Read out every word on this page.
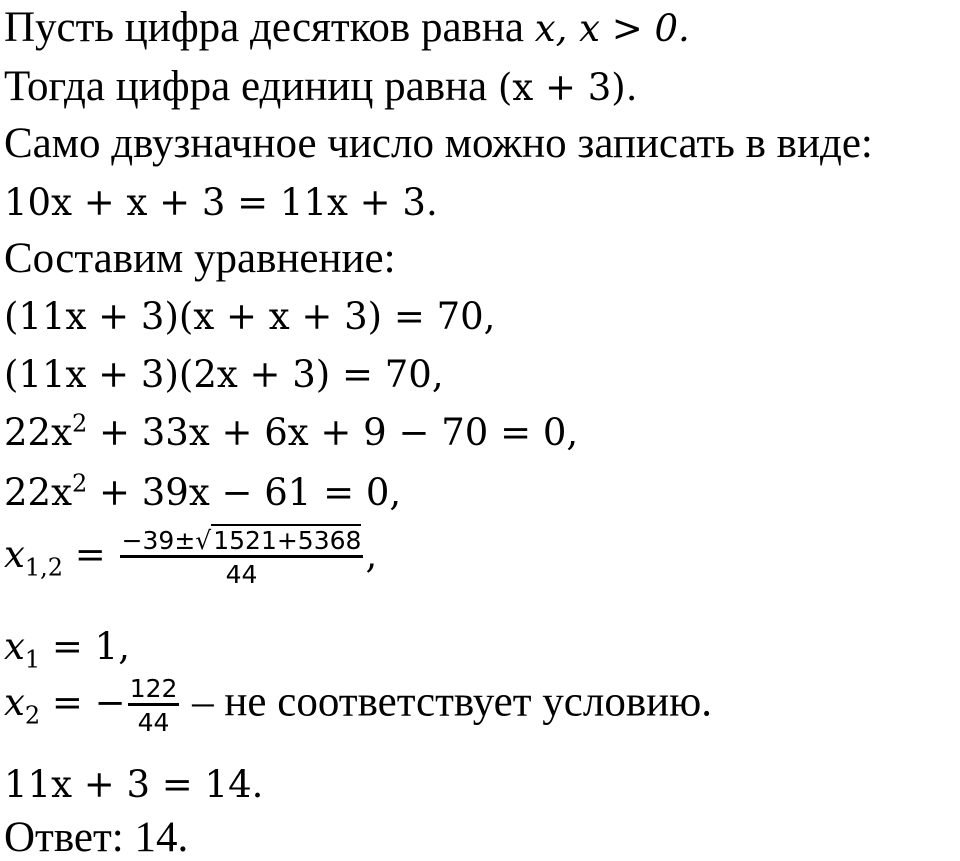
Пусть цифра десятков равна x, x > 0.
Тогда цифра единиц равна (x + 3).
Само двузначное число можно записать в виде:
10x + x + 3 = 11x + 3.
Составим уравнение:
(11x + 3)(x + x + 3) = 70,
(11x + 3)(2x + 3) = 70,
$22x^2 + 33x + 6x + 9 - 70 = 0$,
$22x^2 + 39x - 61 = 0$,
$x_{1,2} = \frac{-39\pm√1521+5368}{44}$ ,
$x_1 = 1$,
$x_2$ = − $\frac{122}{44}$ – не соответствует условию.
11x + 3 = 14.
Ответ: 14.
